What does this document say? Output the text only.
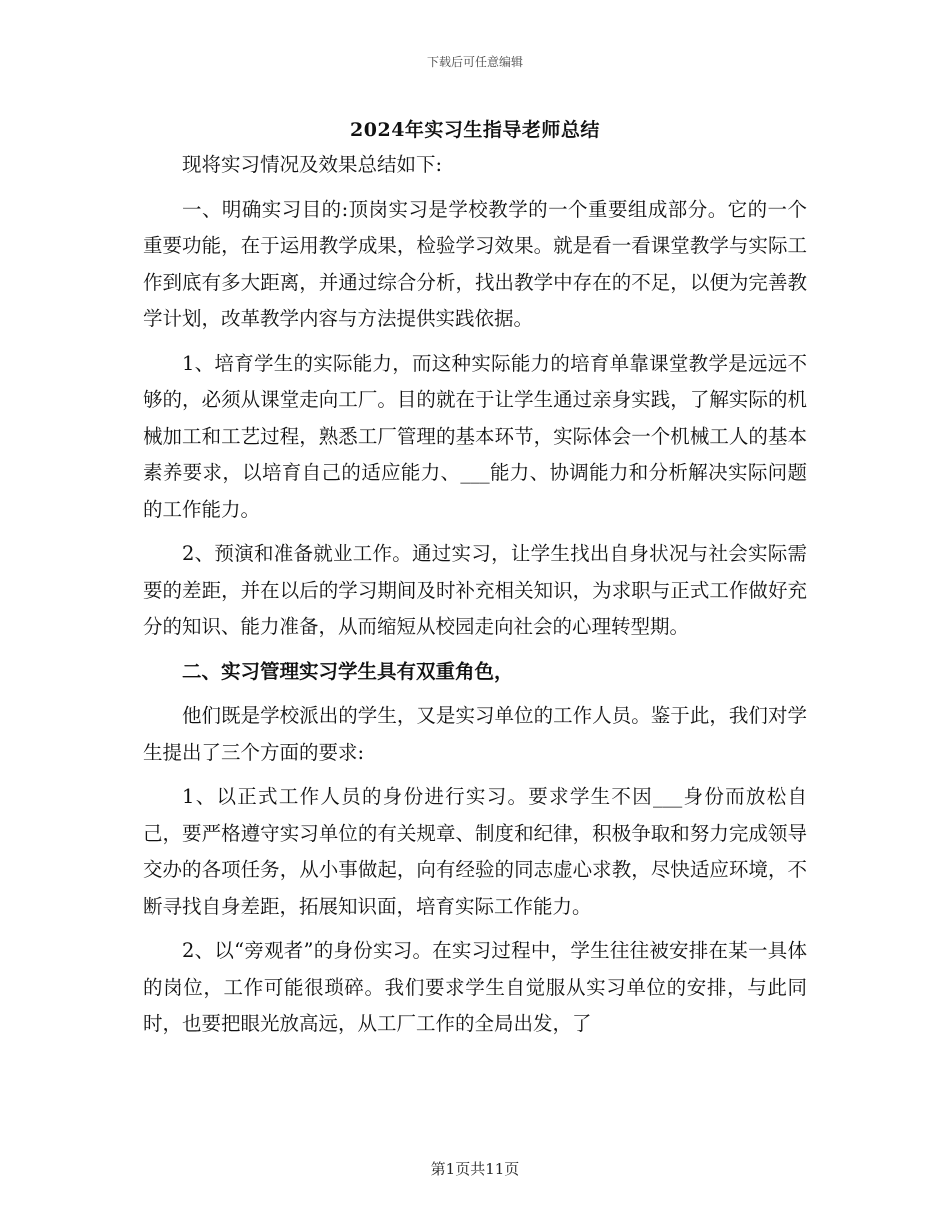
下载后可任意编辑
2024年实习生指导老师总结

现将实习情况及效果总结如下:

一、明确实习目的:顶岗实习是学校教学的一个重要组成部分。它的一个重要功能，在于运用教学成果，检验学习效果。就是看一看课堂教学与实际工作到底有多大距离，并通过综合分析，找出教学中存在的不足，以便为完善教学计划，改革教学内容与方法提供实践依据。

1、培育学生的实际能力，而这种实际能力的培育单靠课堂教学是远远不够的，必须从课堂走向工厂。目的就在于让学生通过亲身实践，了解实际的机械加工和工艺过程，熟悉工厂管理的基本环节，实际体会一个机械工人的基本素养要求，以培育自己的适应能力、___能力、协调能力和分析解决实际问题的工作能力。

2、预演和准备就业工作。通过实习，让学生找出自身状况与社会实际需要的差距，并在以后的学习期间及时补充相关知识，为求职与正式工作做好充分的知识、能力准备，从而缩短从校园走向社会的心理转型期。

二、实习管理实习学生具有双重角色，

他们既是学校派出的学生，又是实习单位的工作人员。鉴于此，我们对学生提出了三个方面的要求:

1、以正式工作人员的身份进行实习。要求学生不因___身份而放松自己，要严格遵守实习单位的有关规章、制度和纪律，积极争取和努力完成领导交办的各项任务，从小事做起，向有经验的同志虚心求教，尽快适应环境，不断寻找自身差距，拓展知识面，培育实际工作能力。

2、以“旁观者”的身份实习。在实习过程中，学生往往被安排在某一具体的岗位，工作可能很琐碎。我们要求学生自觉服从实习单位的安排，与此同时，也要把眼光放高远，从工厂工作的全局出发，了

第1页共11页
